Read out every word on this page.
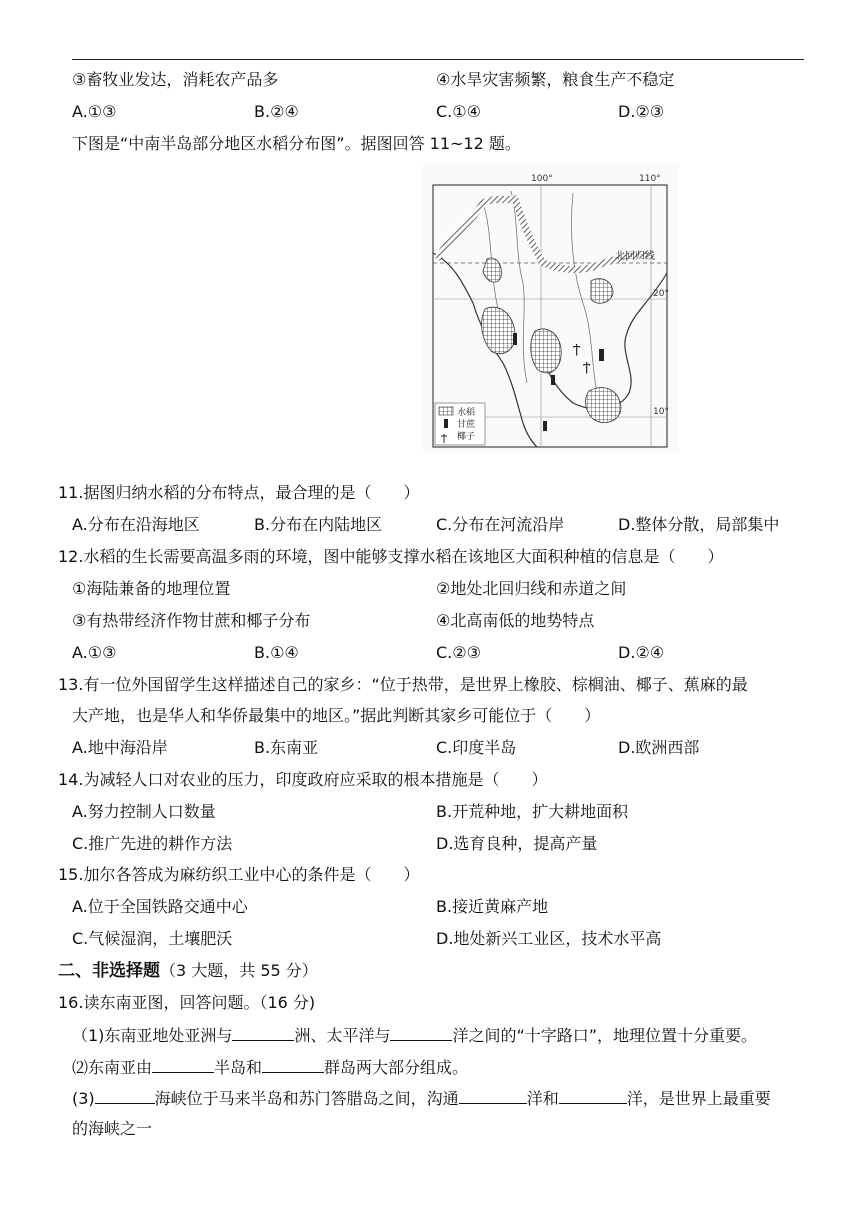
③畜牧业发达，消耗农产品多	④水旱灾害频繁，粮食生产不稳定
A.①③	B.②④	C.①④	D.②③
下图是“中南半岛部分地区水稻分布图”。据图回答 11~12 题。
Ϯ
Ϯ
100°	110°
20°
10°
北回归线
Ϯ
水稻
甘蔗
椰子
11.据图归纳水稻的分布特点，最合理的是（　　）
A.分布在沿海地区	B.分布在内陆地区	C.分布在河流沿岸	D.整体分散，局部集中
12.水稻的生长需要高温多雨的环境，图中能够支撑水稻在该地区大面积种植的信息是（　　）
①海陆兼备的地理位置	②地处北回归线和赤道之间
③有热带经济作物甘蔗和椰子分布	④北高南低的地势特点
A.①③	B.①④	C.②③	D.②④
13.有一位外国留学生这样描述自己的家乡：“位于热带，是世界上橡胶、棕榈油、椰子、蕉麻的最
大产地，也是华人和华侨最集中的地区。”据此判断其家乡可能位于（　　）
A.地中海沿岸	B.东南亚	C.印度半岛	D.欧洲西部
14.为减轻人口对农业的压力，印度政府应采取的根本措施是（　　）
A.努力控制人口数量	B.开荒种地，扩大耕地面积
C.推广先进的耕作方法	D.选育良种，提高产量
15.加尔各答成为麻纺织工业中心的条件是（　　）
A.位于全国铁路交通中心	B.接近黄麻产地
C.气候湿润，土壤肥沃	D.地处新兴工业区，技术水平高
二、非选择题（3 大题，共 55 分）
16.读东南亚图，回答问题。（16 分)
（1)东南亚地处亚洲与	洲、太平洋与	洋之间的“十字路口”，地理位置十分重要。
⑵东南亚由	半岛和	群岛两大部分组成。
(3)	海峡位于马来半岛和苏门答腊岛之间，沟通	洋和	洋，是世界上最重要
的海峡之一
